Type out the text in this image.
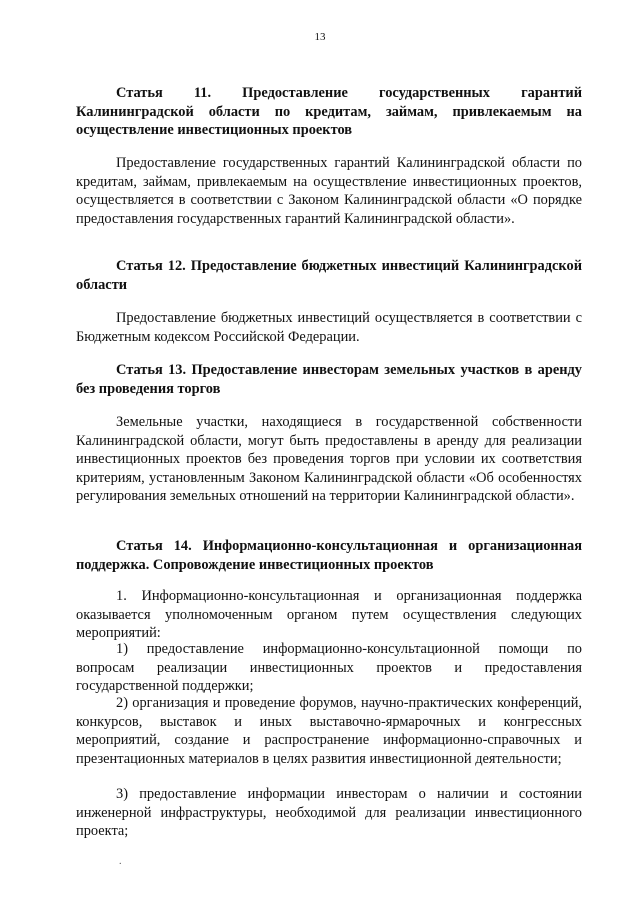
13
Статья 11. Предоставление государственных гарантий Калининградской области по кредитам, займам, привлекаемым на осуществление инвестиционных проектов
Предоставление государственных гарантий Калининградской области по кредитам, займам, привлекаемым на осуществление инвестиционных проектов, осуществляется в соответствии с Законом Калининградской области «О порядке предоставления государственных гарантий Калининградской области».
Статья 12. Предоставление бюджетных инвестиций Калининградской области
Предоставление бюджетных инвестиций осуществляется в соответствии с Бюджетным кодексом Российской Федерации.
Статья 13. Предоставление инвесторам земельных участков в аренду без проведения торгов
Земельные участки, находящиеся в государственной собственности Калининградской области, могут быть предоставлены в аренду для реализации инвестиционных проектов без проведения торгов при условии их соответствия критериям, установленным Законом Калининградской области «Об особенностях регулирования земельных отношений на территории Калининградской области».
Статья 14. Информационно-консультационная и организационная поддержка. Сопровождение инвестиционных проектов
1. Информационно-консультационная и организационная поддержка оказывается уполномоченным органом путем осуществления следующих мероприятий:
1) предоставление информационно-консультационной помощи по вопросам реализации инвестиционных проектов и предоставления государственной поддержки;
2) организация и проведение форумов, научно-практических конференций, конкурсов, выставок и иных выставочно-ярмарочных и конгрессных мероприятий, создание и распространение информационно-справочных и презентационных материалов в целях развития инвестиционной деятельности;
3) предоставление информации инвесторам о наличии и состоянии инженерной инфраструктуры, необходимой для реализации инвестиционного проекта;
.
